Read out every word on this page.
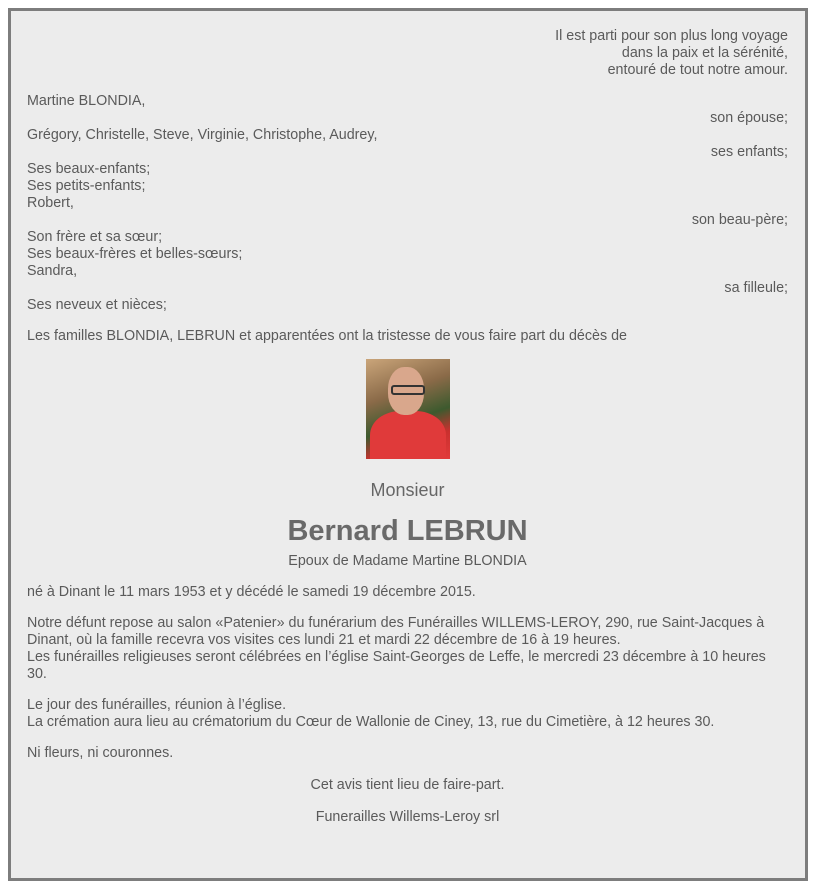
Il est parti pour son plus long voyage
dans la paix et la sérénité,
entouré de tout notre amour.
Martine BLONDIA,
son épouse;
Grégory, Christelle, Steve, Virginie, Christophe, Audrey,
ses enfants;
Ses beaux-enfants;
Ses petits-enfants;
Robert,
son beau-père;
Son frère et sa sœur;
Ses beaux-frères et belles-sœurs;
Sandra,
sa filleule;
Ses neveux et nièces;
Les familles BLONDIA, LEBRUN et apparentées ont la tristesse de vous faire part du décès de
Monsieur
Bernard LEBRUN
Epoux de Madame Martine BLONDIA
né à Dinant le 11 mars 1953 et y décédé le samedi 19 décembre 2015.

Notre défunt repose au salon «Patenier» du funérarium des Funérailles WILLEMS-LEROY, 290, rue Saint-Jacques à Dinant, où la famille recevra vos visites ces lundi 21 et mardi 22 décembre de 16 à 19 heures.

Les funérailles religieuses seront célébrées en l’église Saint-Georges de Leffe, le mercredi 23 décembre à 10 heures 30.

Le jour des funérailles, réunion à l’église.
La crémation aura lieu au crématorium du Cœur de Wallonie de Ciney, 13, rue du Cimetière, à 12 heures 30.
Ni fleurs, ni couronnes.
Cet avis tient lieu de faire-part.
Funerailles Willems-Leroy srl
